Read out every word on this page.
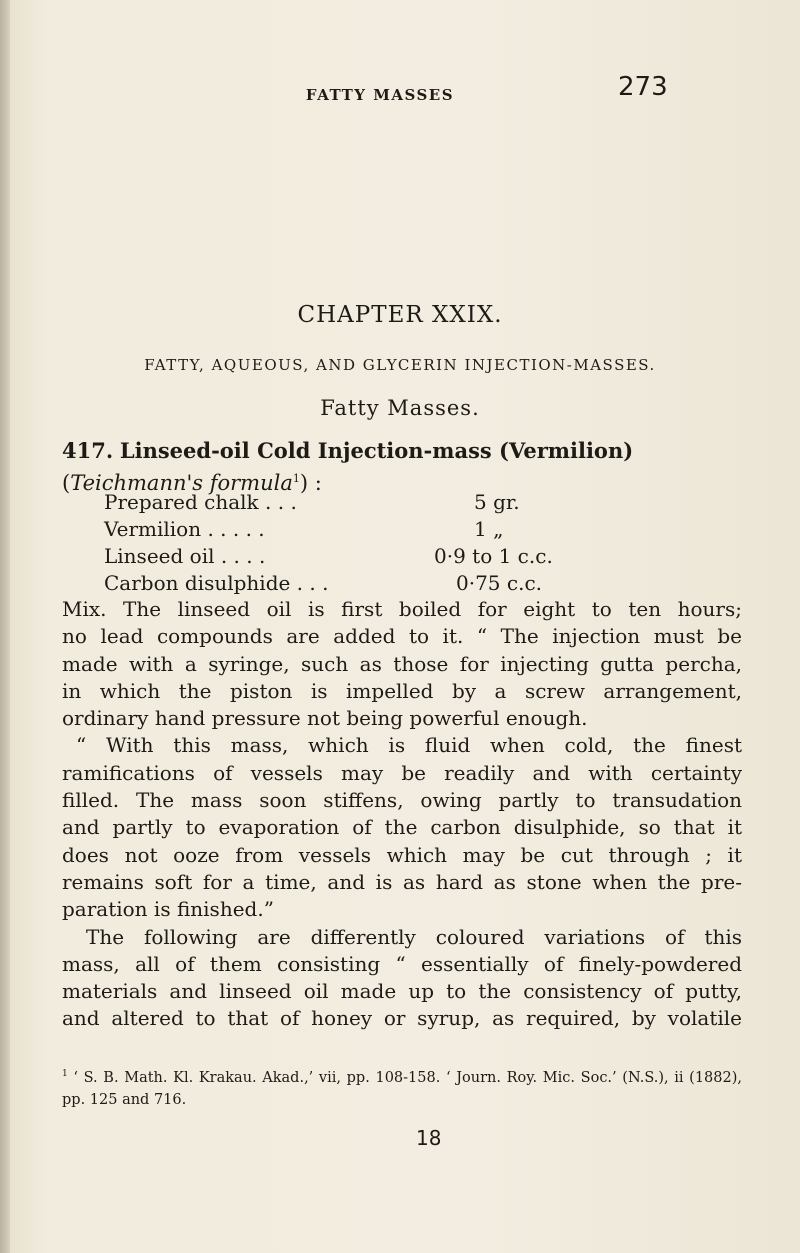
FATTY MASSES	273
CHAPTER XXIX.
FATTY, AQUEOUS, AND GLYCERIN INJECTION-MASSES.
Fatty Masses.
417. Linseed-oil Cold Injection-mass (Vermilion) (Teichmann's formula$^1$) :
Prepared chalk . . .	5 gr.
Vermilion . . . . .	1 „
Linseed oil . . . .	0·9 to 1 c.c.
Carbon disulphide . . .	0·75 c.c.
Mix. The linseed oil is first boiled for eight to ten hours;
no lead compounds are added to it. “ The injection must be
made with a syringe, such as those for injecting gutta percha,
in which the piston is impelled by a screw arrangement,
ordinary hand pressure not being powerful enough.
“ With this mass, which is fluid when cold, the finest
ramifications of vessels may be readily and with certainty
filled. The mass soon stiffens, owing partly to transudation
and partly to evaporation of the carbon disulphide, so that it
does not ooze from vessels which may be cut through ; it
remains soft for a time, and is as hard as stone when the pre-
paration is finished.”
The following are differently coloured variations of this
mass, all of them consisting “ essentially of finely-powdered
materials and linseed oil made up to the consistency of putty,
and altered to that of honey or syrup, as required, by volatile
$^1$ ‘ S. B. Math. Kl. Krakau. Akad.,’ vii, pp. 108-158. ‘ Journ. Roy. Mic. Soc.’ (N.S.), ii (1882), pp. 125 and 716.
18
